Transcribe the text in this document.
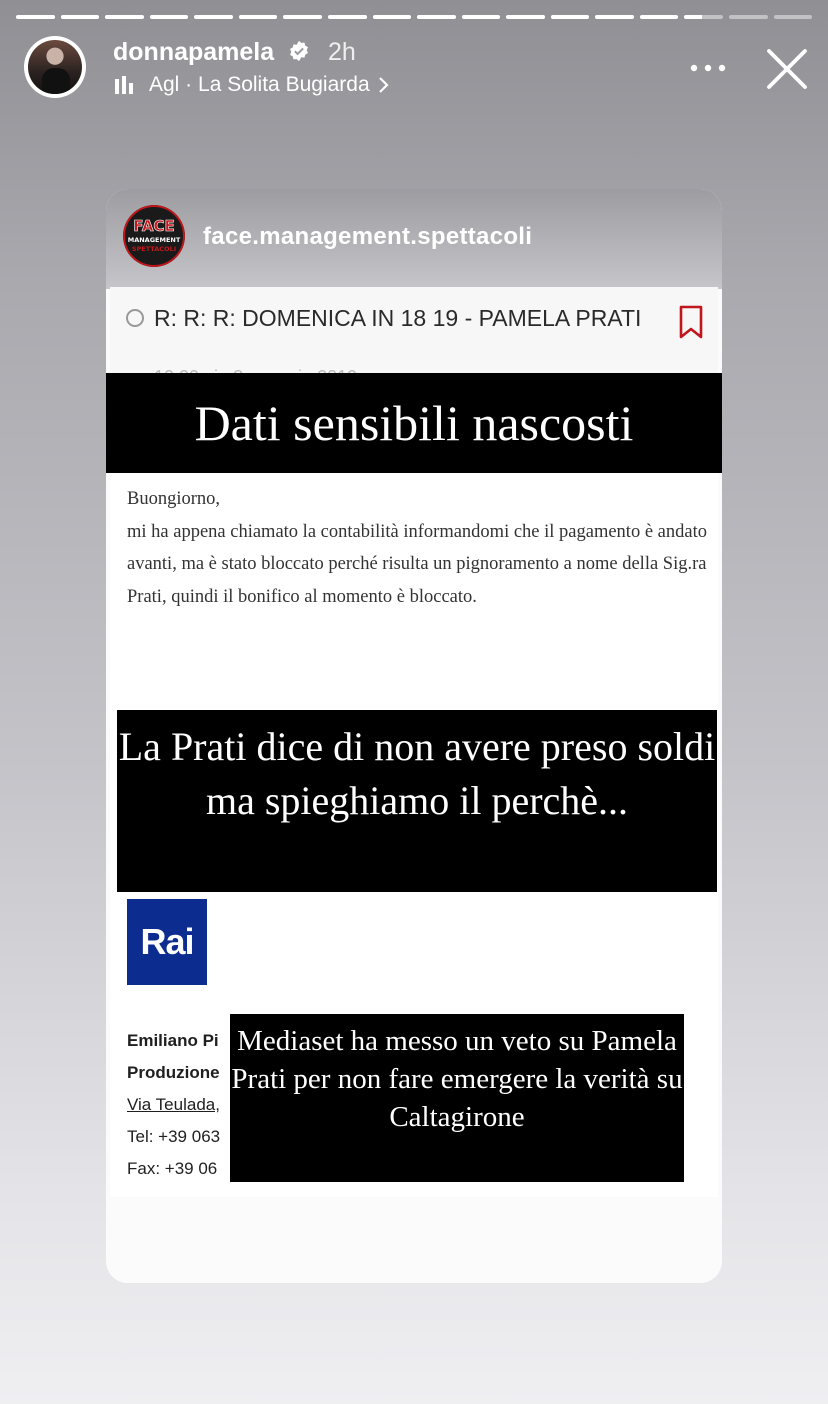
donnapamela 2h
Agl · La Solita Bugiarda
FACE
MANAGEMENT
SPETTACOLI face.management.spettacoli
R: R: R: DOMENICA IN 18 19 - PAMELA PRATI
Buongiorno,
mi ha appena chiamato la contabilità informandomi che il pagamento è andato avanti, ma è stato bloccato perché risulta un pignoramento a nome della Sig.ra Prati, quindi il bonifico al momento è bloccato.
Rai
Emiliano Pi
Produzione
Via Teulada,
Tel: +39 063
Fax: +39 06
Dati sensibili nascosti
La Prati dice di non avere preso soldi ma spieghiamo il perchè...
Mediaset ha messo un veto su Pamela Prati per non fare emergere la verità su Caltagirone
